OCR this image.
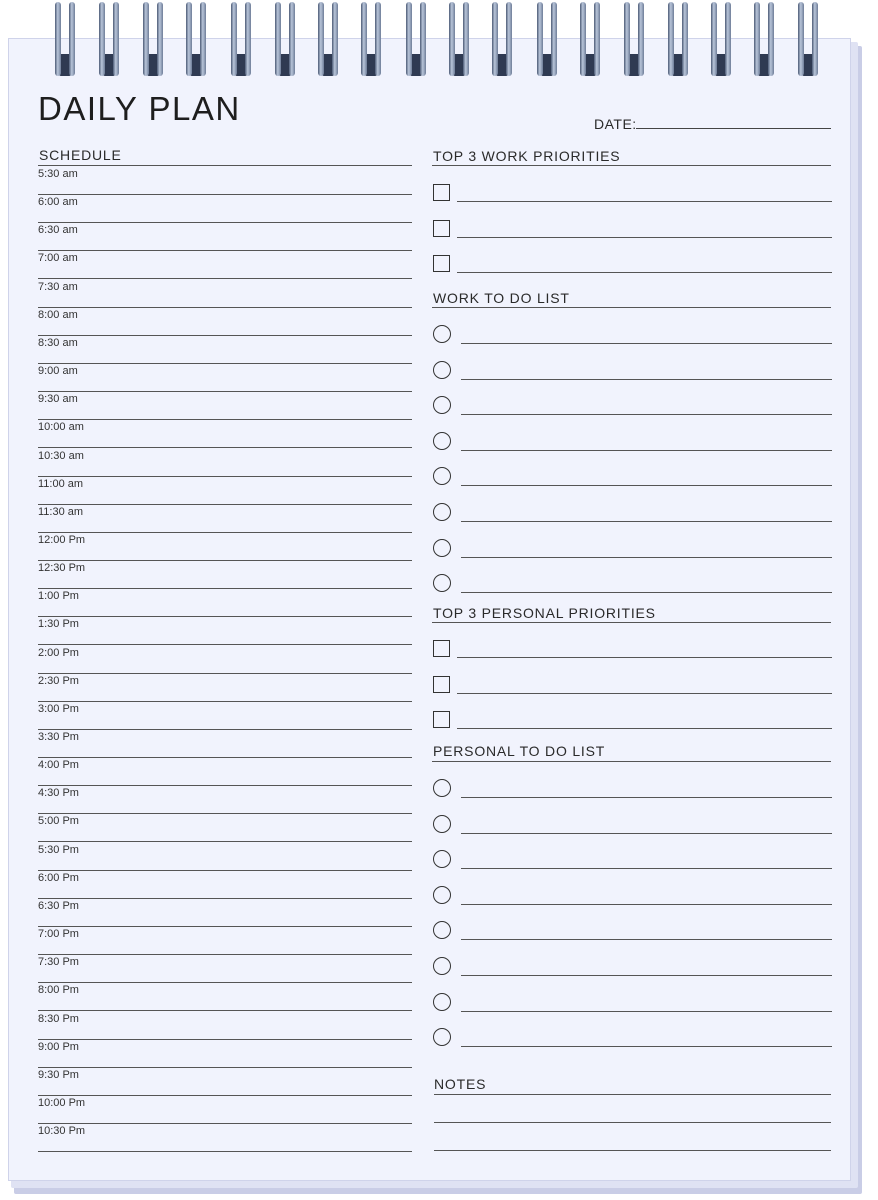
DAILY PLAN	DATE:
SCHEDULE
5:30 am
6:00 am
6:30 am
7:00 am
7:30 am
8:00 am
8:30 am
9:00 am
9:30 am
10:00 am
10:30 am
11:00 am
11:30 am
12:00 Pm
12:30 Pm
1:00 Pm
1:30 Pm
2:00 Pm
2:30 Pm
3:00 Pm
3:30 Pm
4:00 Pm
4:30 Pm
5:00 Pm
5:30 Pm
6:00 Pm
6:30 Pm
7:00 Pm
7:30 Pm
8:00 Pm
8:30 Pm
9:00 Pm
9:30 Pm
10:00 Pm
10:30 Pm
TOP 3 WORK PRIORITIES
WORK TO DO LIST
TOP 3 PERSONAL PRIORITIES
PERSONAL TO DO LIST
NOTES
